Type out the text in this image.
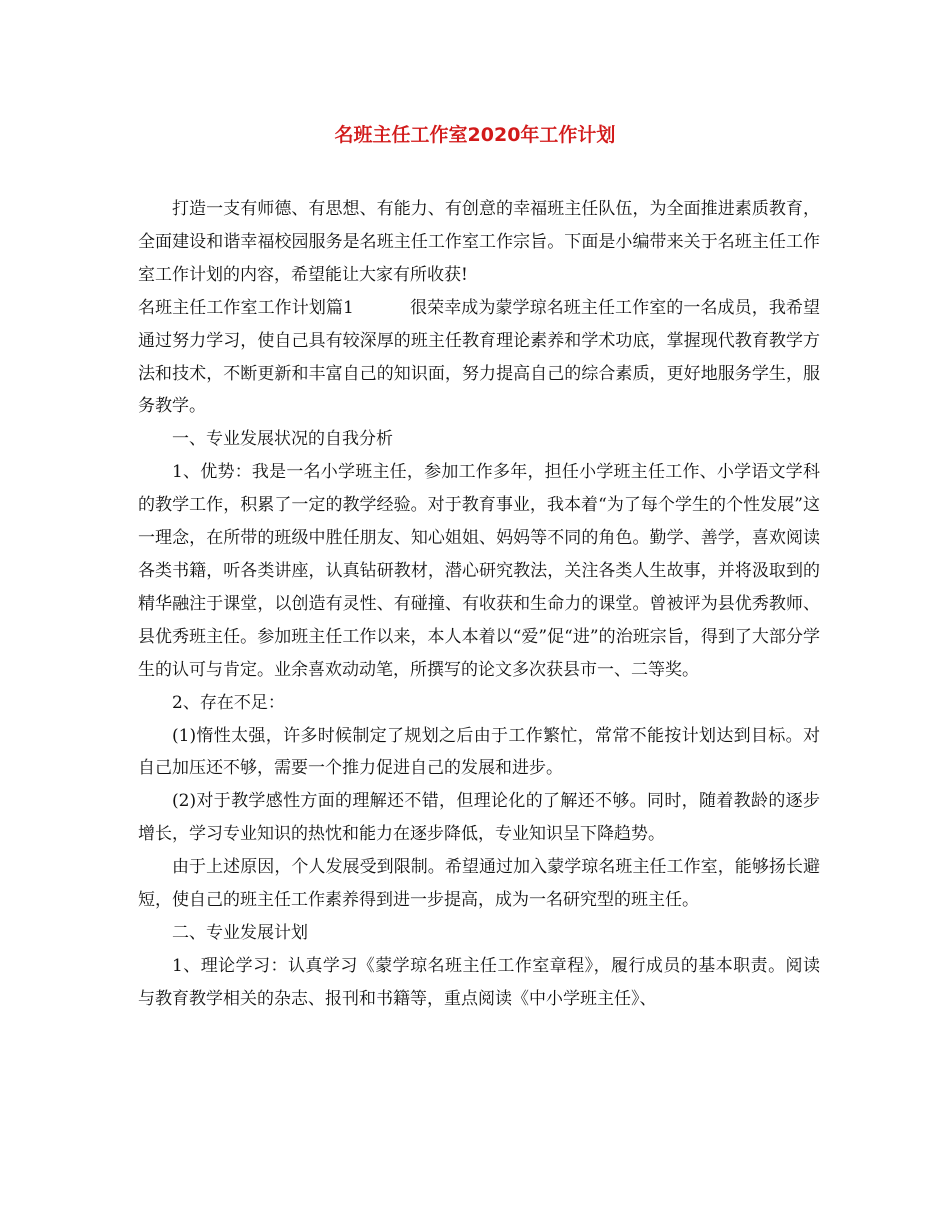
名班主任工作室2020年工作计划

打造一支有师德、有思想、有能力、有创意的幸福班主任队伍，为全面推进素质教育，全面建设和谐幸福校园服务是名班主任工作室工作宗旨。下面是小编带来关于名班主任工作室工作计划的内容，希望能让大家有所收获!

名班主任工作室工作计划篇1	很荣幸成为蒙学琼名班主任工作室的一名成员，我希望通过努力学习，使自己具有较深厚的班主任教育理论素养和学术功底，掌握现代教育教学方法和技术，不断更新和丰富自己的知识面，努力提高自己的综合素质，更好地服务学生，服务教学。

一、专业发展状况的自我分析

1、优势：我是一名小学班主任，参加工作多年，担任小学班主任工作、小学语文学科的教学工作，积累了一定的教学经验。对于教育事业，我本着“为了每个学生的个性发展”这一理念，在所带的班级中胜任朋友、知心姐姐、妈妈等不同的角色。勤学、善学，喜欢阅读各类书籍，听各类讲座，认真钻研教材，潜心研究教法，关注各类人生故事，并将汲取到的精华融注于课堂，以创造有灵性、有碰撞、有收获和生命力的课堂。曾被评为县优秀教师、县优秀班主任。参加班主任工作以来，本人本着以“爱”促“进”的治班宗旨，得到了大部分学生的认可与肯定。业余喜欢动动笔，所撰写的论文多次获县市一、二等奖。

2、存在不足：

(1)惰性太强，许多时候制定了规划之后由于工作繁忙，常常不能按计划达到目标。对自己加压还不够，需要一个推力促进自己的发展和进步。

(2)对于教学感性方面的理解还不错，但理论化的了解还不够。同时，随着教龄的逐步增长，学习专业知识的热忱和能力在逐步降低，专业知识呈下降趋势。

由于上述原因，个人发展受到限制。希望通过加入蒙学琼名班主任工作室，能够扬长避短，使自己的班主任工作素养得到进一步提高，成为一名研究型的班主任。

二、专业发展计划

1、理论学习：认真学习《蒙学琼名班主任工作室章程》，履行成员的基本职责。阅读与教育教学相关的杂志、报刊和书籍等，重点阅读《中小学班主任》、
